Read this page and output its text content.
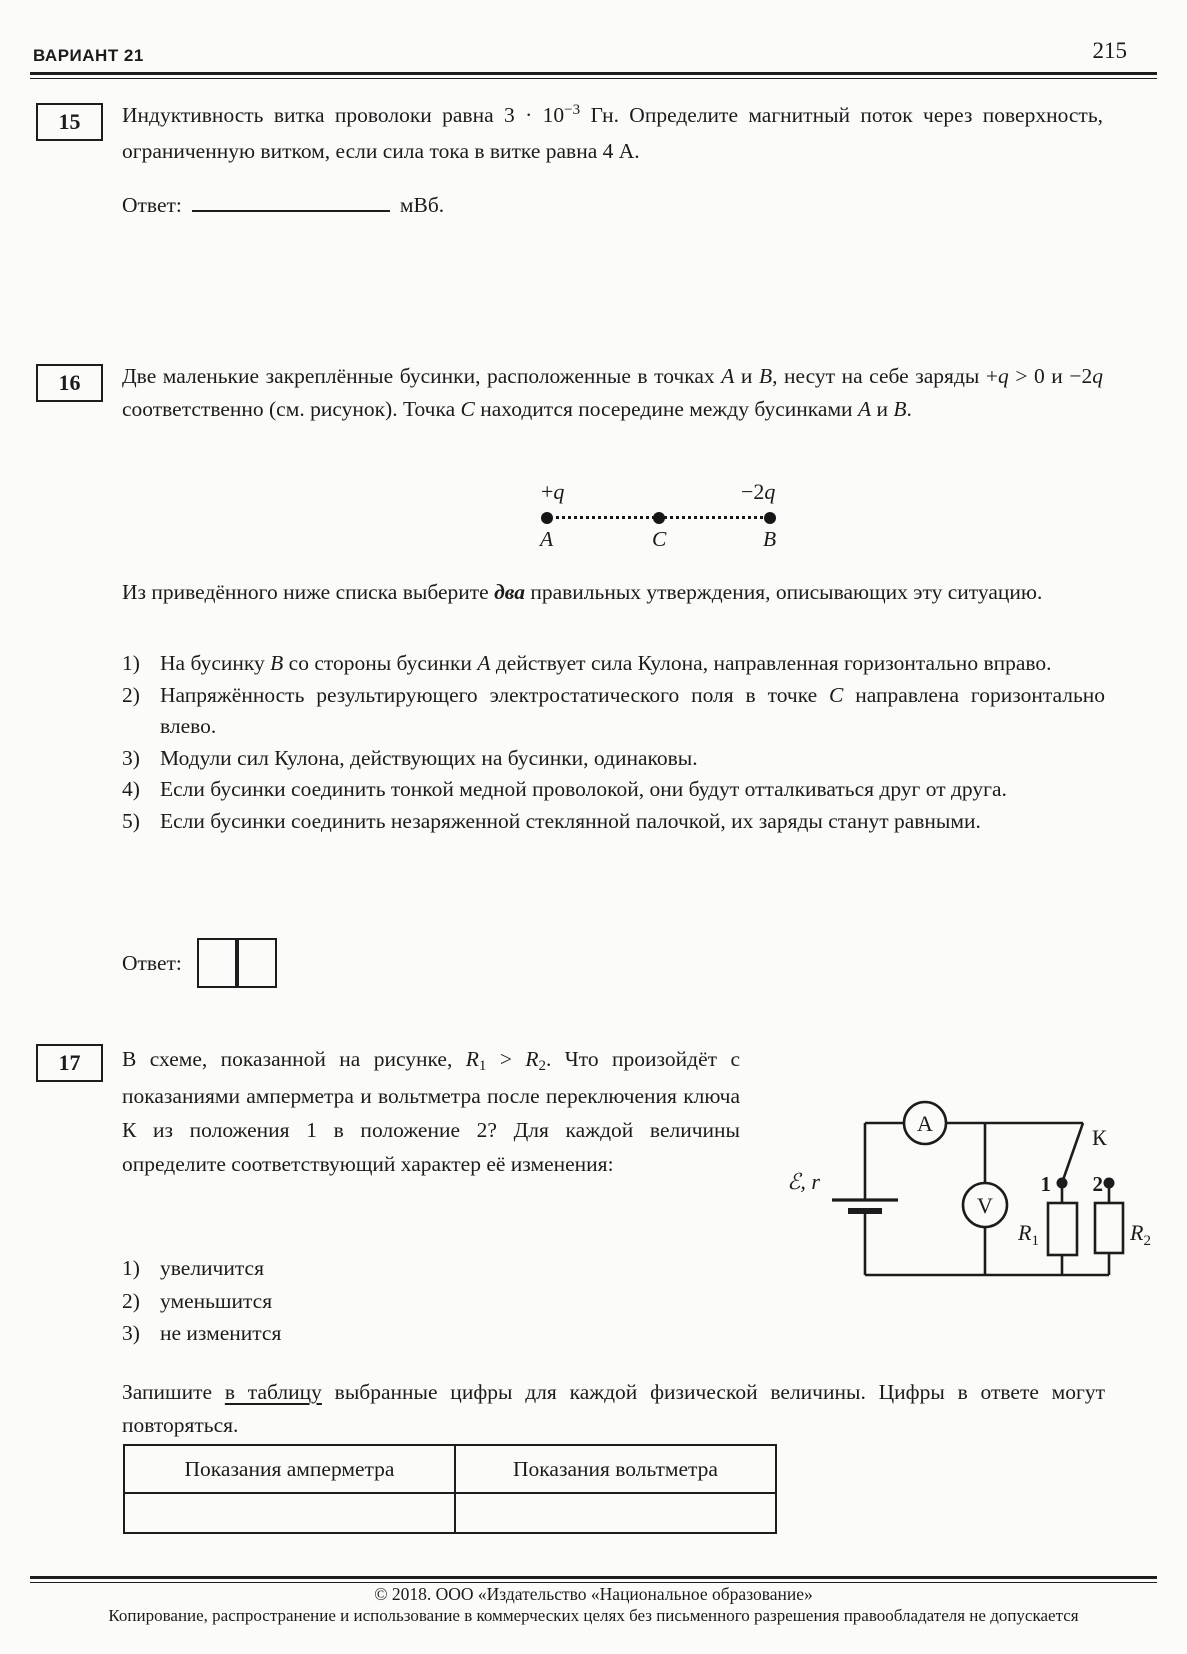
ВАРИАНТ 21	215
15 Индуктивность витка проволоки равна $3 \cdot 10^{-3}$ Гн. Определите магнитный поток через поверхность, ограниченную витком, если сила тока в витке равна 4 А.
Ответ:	мВб.
16 Две маленькие закреплённые бусинки, расположенные в точках A и B, несут на себе заряды +q > 0 и −2q соответственно (см. рисунок). Точка C находится посередине между бусинками A и B.
+q	−2q
A	C	B
Из приведённого ниже списка выберите два правильных утверждения, описывающих эту ситуацию.
1) На бусинку B со стороны бусинки A действует сила Кулона, направленная горизонтально вправо.
2) Напряжённость результирующего электростатического поля в точке C направлена горизонтально влево.
3) Модули сил Кулона, действующих на бусинки, одинаковы.
4) Если бусинки соединить тонкой медной проволокой, они будут отталкиваться друг от друга.
5) Если бусинки соединить незаряженной стеклянной палочкой, их заряды станут равными.
Ответ:
17 В схеме, показанной на рисунке, R1 > R2. Что произойдёт с показаниями амперметра и вольтметра после переключения ключа К из положения 1 в положение 2? Для каждой величины определите соответствующий характер её изменения:
A
V
К
ℰ, r	1 2
$R_1$	$R_2$
1) увеличится
2) уменьшится
3) не изменится
Запишите в таблицу выбранные цифры для каждой физической величины. Цифры в ответе могут повторяться.
Показания амперметра	Показания вольтметра

© 2018. ООО «Издательство «Национальное образование»
Копирование, распространение и использование в коммерческих целях без письменного разрешения правообладателя не допускается
